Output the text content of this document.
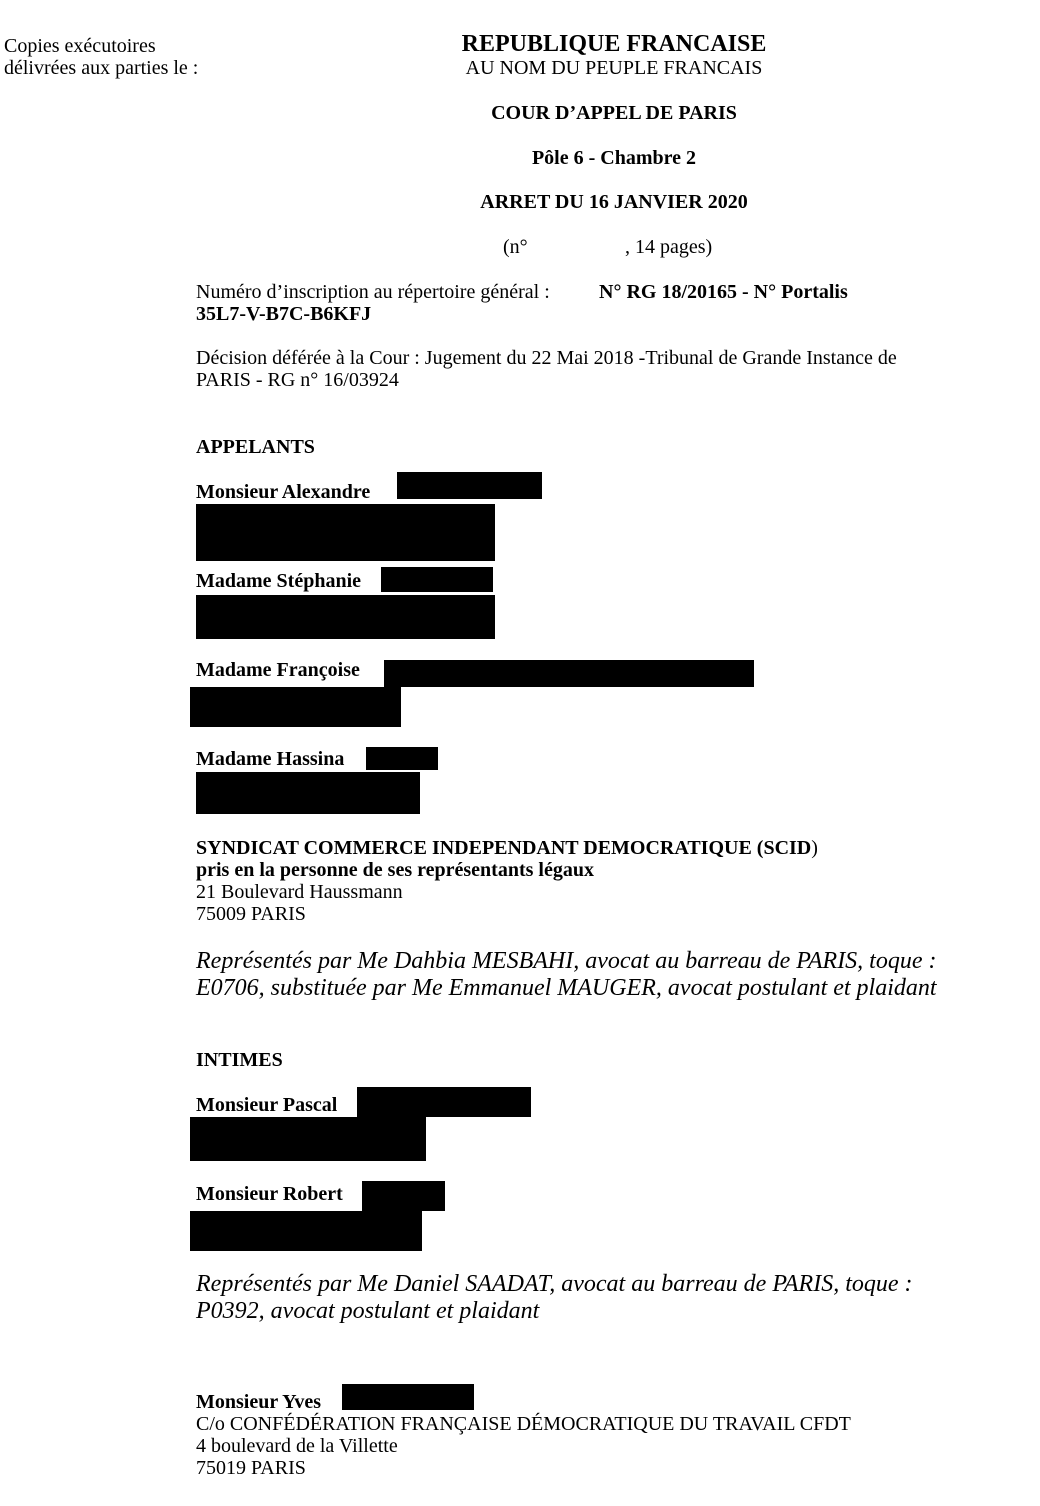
Copies exécutoires
délivrées aux parties le :
REPUBLIQUE FRANCAISE
AU NOM DU PEUPLE FRANCAIS
COUR D’APPEL DE PARIS
Pôle 6 - Chambre 2
ARRET DU 16 JANVIER 2020
(n°	, 14 pages)
Numéro d’inscription au répertoire général : N° RG 18/20165 - N° Portalis
35L7-V-B7C-B6KFJ
Décision déférée à la Cour : Jugement du 22 Mai 2018 -Tribunal de Grande Instance de
PARIS - RG n° 16/03924
APPELANTS
Monsieur Alexandre
Madame Stéphanie
Madame Françoise
Madame Hassina
SYNDICAT COMMERCE INDEPENDANT DEMOCRATIQUE (SCID)
pris en la personne de ses représentants légaux
21 Boulevard Haussmann
75009 PARIS
Représentés par Me Dahbia MESBAHI, avocat au barreau de PARIS, toque :
E0706, substituée par Me Emmanuel MAUGER, avocat postulant et plaidant
INTIMES
Monsieur Pascal
Monsieur Robert
Représentés par Me Daniel SAADAT, avocat au barreau de PARIS, toque :
P0392, avocat postulant et plaidant
Monsieur Yves
C/o CONFÉDÉRATION FRANÇAISE DÉMOCRATIQUE DU TRAVAIL CFDT
4 boulevard de la Villette
75019 PARIS
